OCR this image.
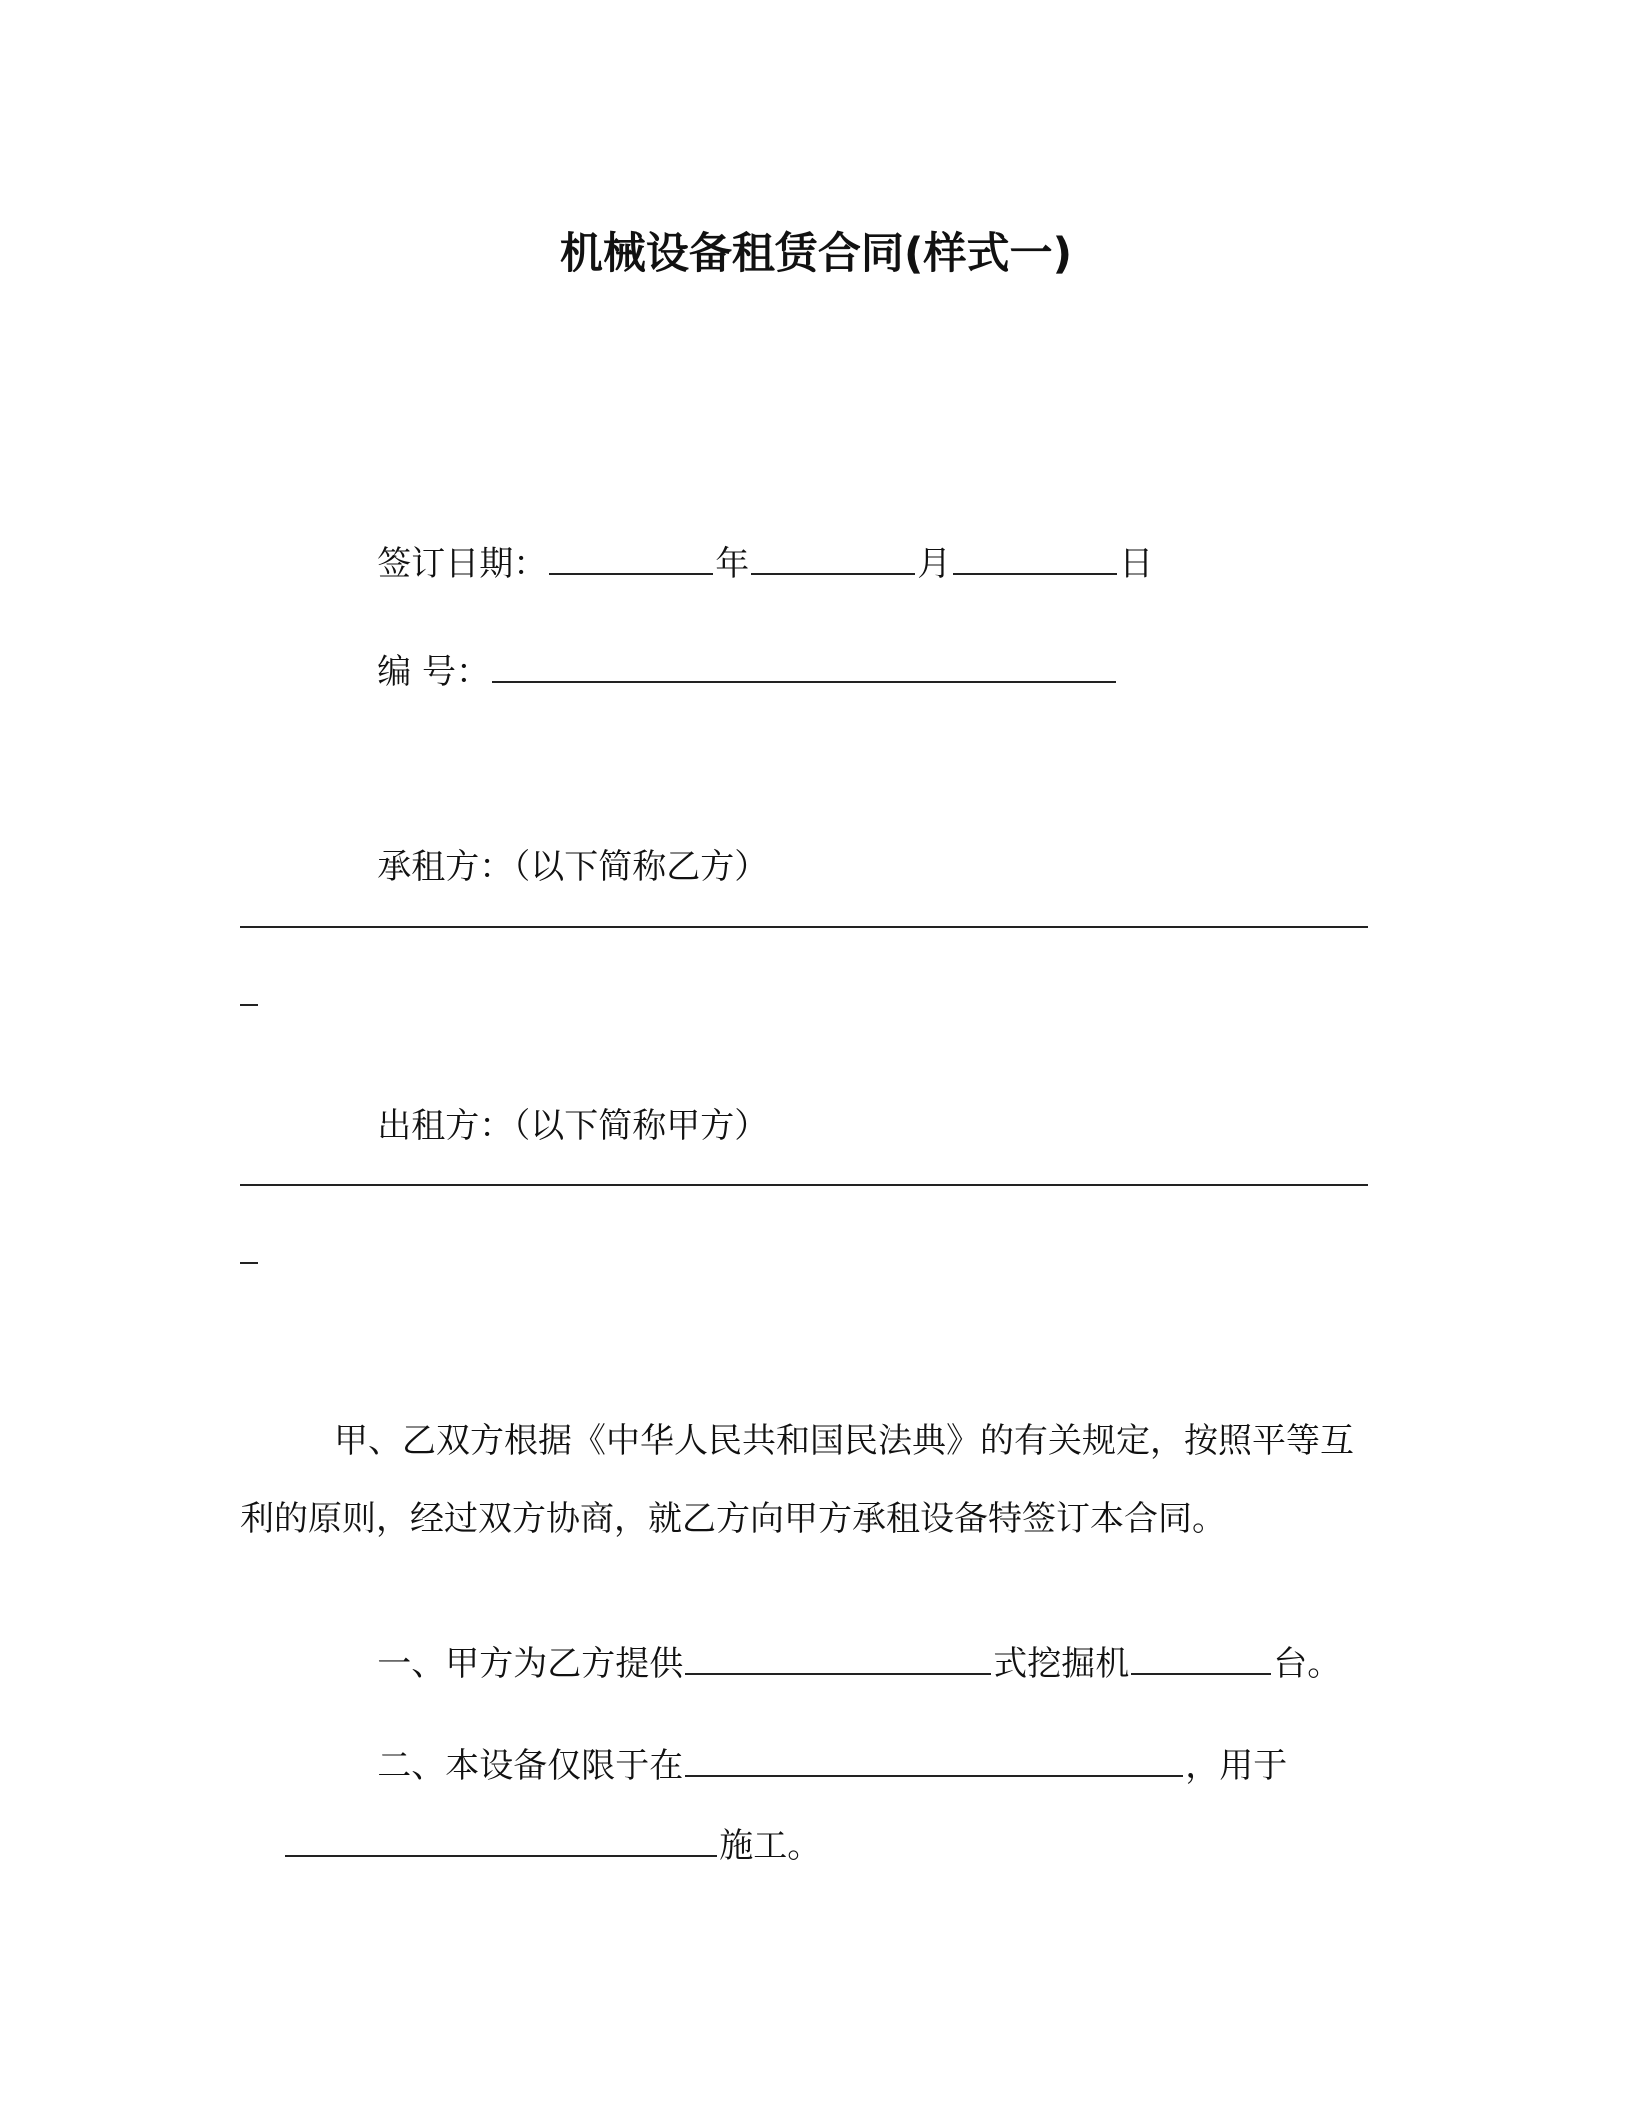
机械设备租赁合同(样式一)

签订日期：	年	月	日

编 号：

承租方：（以下简称乙方）

出租方：（以下简称甲方）

甲、乙双方根据《中华人民共和国民法典》的有关规定，按照平等互利的原则，经过双方协商，就乙方向甲方承租设备特签订本合同。

一、甲方为乙方提供	式挖掘机	台。

二、本设备仅限于在	，用于

施工。
